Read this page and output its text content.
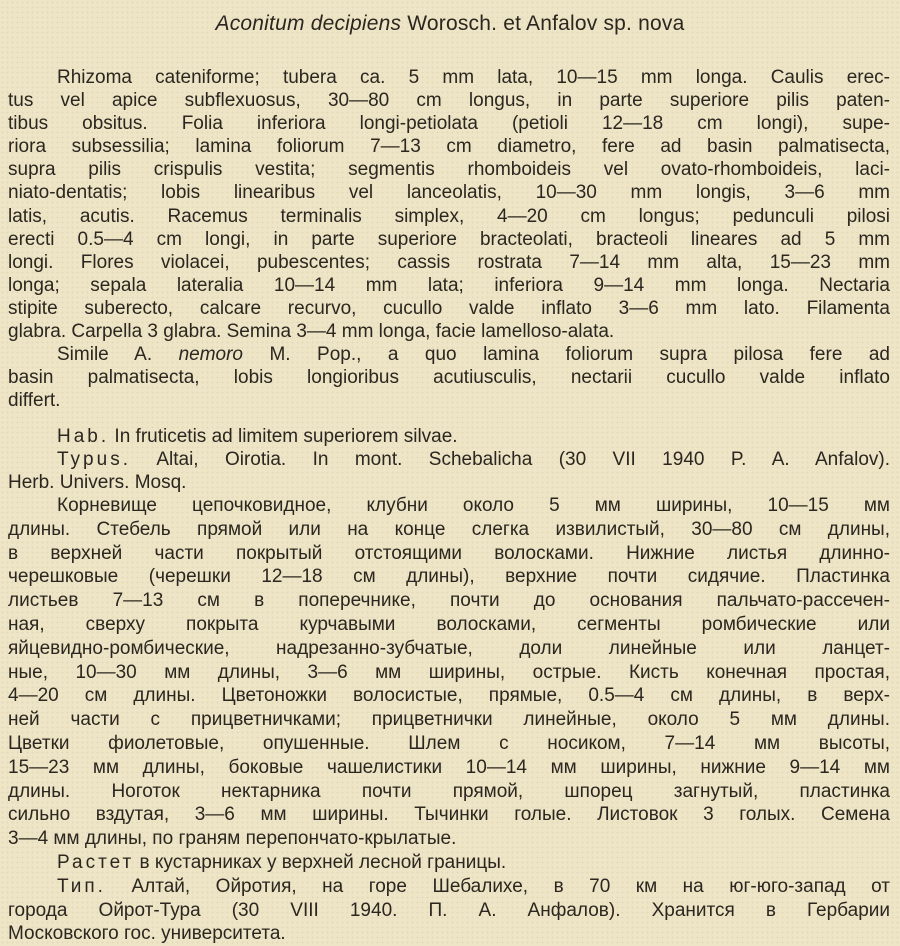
Aconitum decipiens Worosch. et Anfalov sp. nova
Rhizoma cateniforme; tubera ca. 5 mm lata, 10—15 mm longa. Caulis erec-
tus vel apice subflexuosus, 30—80 cm longus, in parte superiore pilis paten-
tibus obsitus. Folia inferiora longi-petiolata (petioli 12—18 cm longi), supe-
riora subsessilia; lamina foliorum 7—13 cm diametro, fere ad basin palmatisecta,
supra pilis crispulis vestita; segmentis rhomboideis vel ovato-rhomboideis, laci-
niato-dentatis; lobis linearibus vel lanceolatis, 10—30 mm longis, 3—6 mm
latis, acutis. Racemus terminalis simplex, 4—20 cm longus; pedunculi pilosi
erecti 0.5—4 cm longi, in parte superiore bracteolati, bracteoli lineares ad 5 mm
longi. Flores violacei, pubescentes; cassis rostrata 7—14 mm alta, 15—23 mm
longa; sepala lateralia 10—14 mm lata; inferiora 9—14 mm longa. Nectaria
stipite suberecto, calcare recurvo, cucullo valde inflato 3—6 mm lato. Filamenta
glabra. Carpella 3 glabra. Semina 3—4 mm longa, facie lamelloso-alata.
Simile A. nemoro M. Pop., a quo lamina foliorum supra pilosa fere ad
basin palmatisecta, lobis longioribus acutiusculis, nectarii cucullo valde inflato
differt.
Hab. In fruticetis ad limitem superiorem silvae.
Typus. Altai, Oirotia. In mont. Schebalicha (30 VII 1940 P. A. Anfalov).
Herb. Univers. Mosq.
Корневище цепочковидное, клубни около 5 мм ширины, 10—15 мм
длины. Стебель прямой или на конце слегка извилистый, 30—80 см длины,
в верхней части покрытый отстоящими волосками. Нижние листья длинно-
черешковые (черешки 12—18 см длины), верхние почти сидячие. Пластинка
листьев 7—13 см в поперечнике, почти до основания пальчато-рассечен-
ная, сверху покрыта курчавыми волосками, сегменты ромбические или
яйцевидно-ромбические, надрезанно-зубчатые, доли линейные или ланцет-
ные, 10—30 мм длины, 3—6 мм ширины, острые. Кисть конечная простая,
4—20 см длины. Цветоножки волосистые, прямые, 0.5—4 см длины, в верх-
ней части с прицветничками; прицветнички линейные, около 5 мм длины.
Цветки фиолетовые, опушенные. Шлем с носиком, 7—14 мм высоты,
15—23 мм длины, боковые чашелистики 10—14 мм ширины, нижние 9—14 мм
длины. Ноготок нектарника почти прямой, шпорец загнутый, пластинка
сильно вздутая, 3—6 мм ширины. Тычинки голые. Листовок 3 голых. Семена
3—4 мм длины, по граням перепончато-крылатые.
Растет в кустарниках у верхней лесной границы.
Тип. Алтай, Ойротия, на горе Шебалихе, в 70 км на юг-юго-запад от
города Ойрот-Тура (30 VIII 1940. П. А. Анфалов). Хранится в Гербарии
Московского гос. университета.
